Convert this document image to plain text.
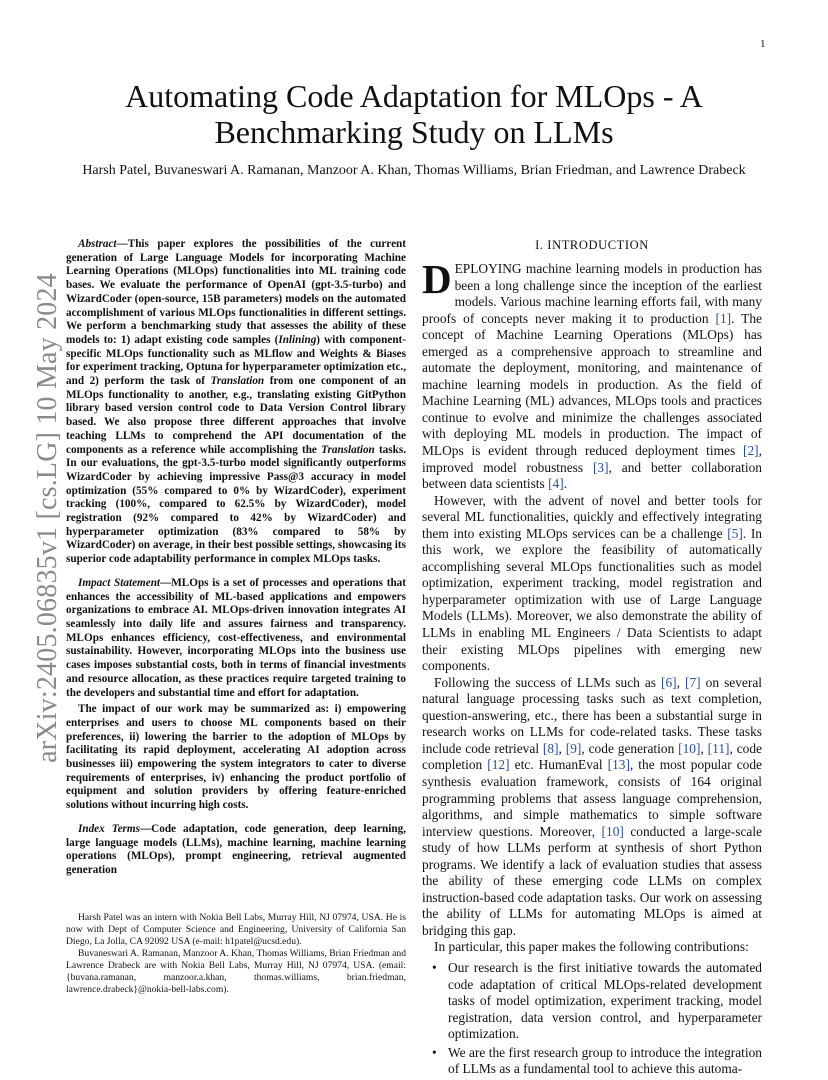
1
arXiv:2405.06835v1 [cs.LG] 10 May 2024
Automating Code Adaptation for MLOps - A Benchmarking Study on LLMs
Harsh Patel, Buvaneswari A. Ramanan, Manzoor A. Khan, Thomas Williams, Brian Friedman, and Lawrence Drabeck

Abstract—This paper explores the possibilities of the current generation of Large Language Models for incorporating Machine Learning Operations (MLOps) functionalities into ML training code bases. We evaluate the performance of OpenAI (gpt-3.5-turbo) and WizardCoder (open-source, 15B parameters) models on the automated accomplishment of various MLOps functionalities in different settings. We perform a benchmarking study that assesses the ability of these models to: 1) adapt existing code samples (Inlining) with component-specific MLOps functionality such as MLflow and Weights & Biases for experiment tracking, Optuna for hyperparameter optimization etc., and 2) perform the task of Translation from one component of an MLOps functionality to another, e.g., translating existing GitPython library based version control code to Data Version Control library based. We also propose three different approaches that involve teaching LLMs to comprehend the API documentation of the components as a reference while accomplishing the Translation tasks. In our evaluations, the gpt-3.5-turbo model significantly outperforms WizardCoder by achieving impressive Pass@3 accuracy in model optimization (55% compared to 0% by WizardCoder), experiment tracking (100%, compared to 62.5% by WizardCoder), model registration (92% compared to 42% by WizardCoder) and hyperparameter optimization (83% compared to 58% by WizardCoder) on average, in their best possible settings, showcasing its superior code adaptability performance in complex MLOps tasks.

Impact Statement—MLOps is a set of processes and operations that enhances the accessibility of ML-based applications and empowers organizations to embrace AI. MLOps-driven innovation integrates AI seamlessly into daily life and assures fairness and transparency. MLOps enhances efficiency, cost-effectiveness, and environmental sustainability. However, incorporating MLOps into the business use cases imposes substantial costs, both in terms of financial investments and resource allocation, as these practices require targeted training to the developers and substantial time and effort for adaptation.

The impact of our work may be summarized as: i) empowering enterprises and users to choose ML components based on their preferences, ii) lowering the barrier to the adoption of MLOps by facilitating its rapid deployment, accelerating AI adoption across businesses iii) empowering the system integrators to cater to diverse requirements of enterprises, iv) enhancing the product portfolio of equipment and solution providers by offering feature-enriched solutions without incurring high costs.

Index Terms—Code adaptation, code generation, deep learning, large language models (LLMs), machine learning, machine learning operations (MLOps), prompt engineering, retrieval augmented generation

Harsh Patel was an intern with Nokia Bell Labs, Murray Hill, NJ 07974, USA. He is now with Dept of Computer Science and Engineering, University of California San Diego, La Jolla, CA 92092 USA (e-mail: h1patel@ucsd.edu).

Buvaneswari A. Ramanan, Manzoor A. Khan, Thomas Williams, Brian Friedman and Lawrence Drabeck are with Nokia Bell Labs, Murray Hill, NJ 07974, USA. (email: {buvana.ramanan, manzoor.a.khan, thomas.williams, brian.friedman, lawrence.drabeck}@nokia-bell-labs.com).

I. INTRODUCTION

DEPLOYING machine learning models in production has been a long challenge since the inception of the earliest models. Various machine learning efforts fail, with many proofs of concepts never making it to production [1]. The concept of Machine Learning Operations (MLOps) has emerged as a comprehensive approach to streamline and automate the deployment, monitoring, and maintenance of machine learning models in production. As the field of Machine Learning (ML) advances, MLOps tools and practices continue to evolve and minimize the challenges associated with deploying ML models in production. The impact of MLOps is evident through reduced deployment times [2], improved model robustness [3], and better collaboration between data scientists [4].

However, with the advent of novel and better tools for several ML functionalities, quickly and effectively integrating them into existing MLOps services can be a challenge [5]. In this work, we explore the feasibility of automatically accomplishing several MLOps functionalities such as model optimization, experiment tracking, model registration and hyperparameter optimization with use of Large Language Models (LLMs). Moreover, we also demonstrate the ability of LLMs in enabling ML Engineers / Data Scientists to adapt their existing MLOps pipelines with emerging new components.

Following the success of LLMs such as [6], [7] on several natural language processing tasks such as text completion, question-answering, etc., there has been a substantial surge in research works on LLMs for code-related tasks. These tasks include code retrieval [8], [9], code generation [10], [11], code completion [12] etc. HumanEval [13], the most popular code synthesis evaluation framework, consists of 164 original programming problems that assess language comprehension, algorithms, and simple mathematics to simple software interview questions. Moreover, [10] conducted a large-scale study of how LLMs perform at synthesis of short Python programs. We identify a lack of evaluation studies that assess the ability of these emerging code LLMs on complex instruction-based code adaptation tasks. Our work on assessing the ability of LLMs for automating MLOps is aimed at bridging this gap.

In particular, this paper makes the following contributions:

• Our research is the first initiative towards the automated code adaptation of critical MLOps-related development tasks of model optimization, experiment tracking, model registration, data version control, and hyperparameter optimization.
• We are the first research group to introduce the integration of LLMs as a fundamental tool to achieve this automa-
